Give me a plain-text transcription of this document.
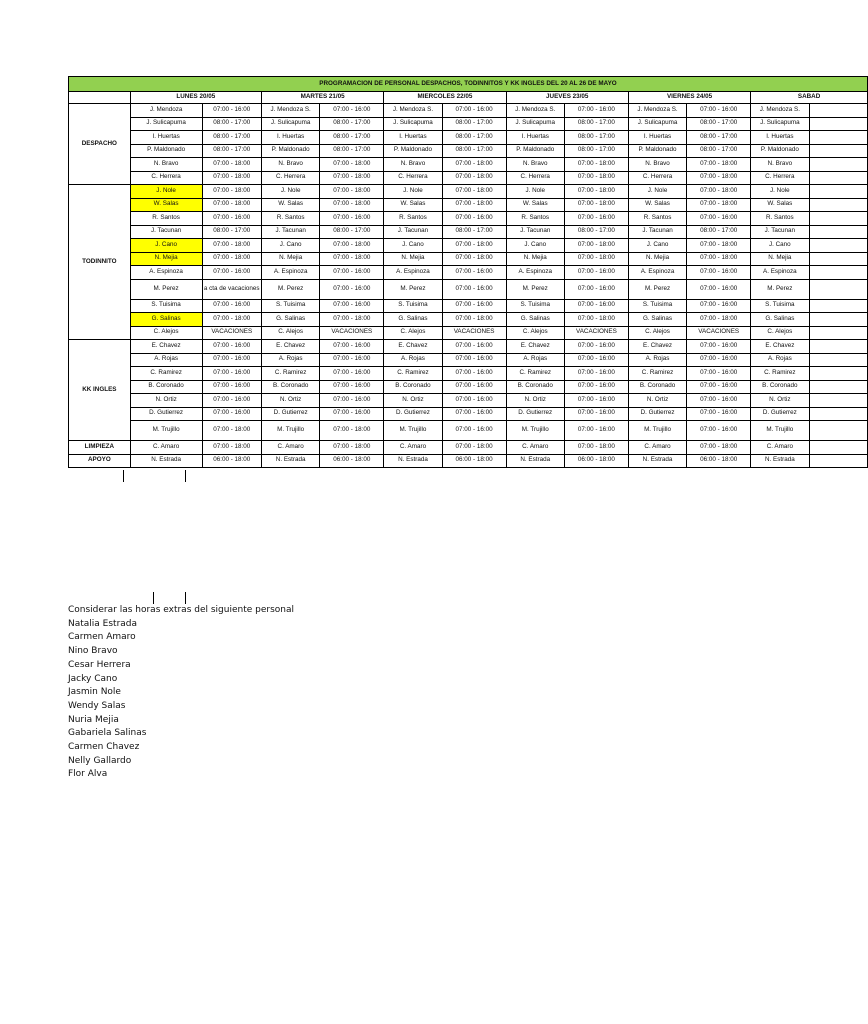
PROGRAMACION DE PERSONAL DESPACHOS, TODINNITOS Y KK INGLES DEL 20 AL 26 DE MAYO												
	LUNES 20/05		MARTES 21/05		MIERCOLES 22/05		JUEVES 23/05		VIERNES 24/05		SABAD	
DESPACHO	J. Mendoza	07:00 - 16:00	J. Mendoza S.	07:00 - 16:00	J. Mendoza S.	07:00 - 16:00	J. Mendoza S.	07:00 - 16:00	J. Mendoza S.	07:00 - 16:00	J. Mendoza S.	
	J. Sulicapuma	08:00 - 17:00	J. Sulicapuma	08:00 - 17:00	J. Sulicapuma	08:00 - 17:00	J. Sulicapuma	08:00 - 17:00	J. Sulicapuma	08:00 - 17:00	J. Sulicapuma	
	I. Huertas	08:00 - 17:00	I. Huertas	08:00 - 17:00	I. Huertas	08:00 - 17:00	I. Huertas	08:00 - 17:00	I. Huertas	08:00 - 17:00	I. Huertas	
	P. Maldonado	08:00 - 17:00	P. Maldonado	08:00 - 17:00	P. Maldonado	08:00 - 17:00	P. Maldonado	08:00 - 17:00	P. Maldonado	08:00 - 17:00	P. Maldonado	
	N. Bravo	07:00 - 18:00	N. Bravo	07:00 - 18:00	N. Bravo	07:00 - 18:00	N. Bravo	07:00 - 18:00	N. Bravo	07:00 - 18:00	N. Bravo	
	C. Herrera	07:00 - 18:00	C. Herrera	07:00 - 18:00	C. Herrera	07:00 - 18:00	C. Herrera	07:00 - 18:00	C. Herrera	07:00 - 18:00	C. Herrera	
TODINNITO	J. Nole	07:00 - 18:00	J. Nole	07:00 - 18:00	J. Nole	07:00 - 18:00	J. Nole	07:00 - 18:00	J. Nole	07:00 - 18:00	J. Nole	
	W. Salas	07:00 - 18:00	W. Salas	07:00 - 18:00	W. Salas	07:00 - 18:00	W. Salas	07:00 - 18:00	W. Salas	07:00 - 18:00	W. Salas	
	R. Santos	07:00 - 16:00	R. Santos	07:00 - 16:00	R. Santos	07:00 - 16:00	R. Santos	07:00 - 16:00	R. Santos	07:00 - 16:00	R. Santos	
	J. Tacunan	08:00 - 17:00	J. Tacunan	08:00 - 17:00	J. Tacunan	08:00 - 17:00	J. Tacunan	08:00 - 17:00	J. Tacunan	08:00 - 17:00	J. Tacunan	
	J. Cano	07:00 - 18:00	J. Cano	07:00 - 18:00	J. Cano	07:00 - 18:00	J. Cano	07:00 - 18:00	J. Cano	07:00 - 18:00	J. Cano	
	N. Mejia	07:00 - 18:00	N. Mejia	07:00 - 18:00	N. Mejia	07:00 - 18:00	N. Mejia	07:00 - 18:00	N. Mejia	07:00 - 18:00	N. Mejia	
	A. Espinoza	07:00 - 16:00	A. Espinoza	07:00 - 16:00	A. Espinoza	07:00 - 16:00	A. Espinoza	07:00 - 16:00	A. Espinoza	07:00 - 16:00	A. Espinoza	
	M. Perez	a cta de vacaciones	M. Perez	07:00 - 16:00	M. Perez	07:00 - 16:00	M. Perez	07:00 - 16:00	M. Perez	07:00 - 16:00	M. Perez	
	S. Tuisima	07:00 - 16:00	S. Tuisima	07:00 - 16:00	S. Tuisima	07:00 - 16:00	S. Tuisima	07:00 - 16:00	S. Tuisima	07:00 - 16:00	S. Tuisima	
	G. Salinas	07:00 - 18:00	G. Salinas	07:00 - 18:00	G. Salinas	07:00 - 18:00	G. Salinas	07:00 - 18:00	G. Salinas	07:00 - 18:00	G. Salinas	
	C. Alejos	VACACIONES	C. Alejos	VACACIONES	C. Alejos	VACACIONES	C. Alejos	VACACIONES	C. Alejos	VACACIONES	C. Alejos	
KK INGLES	E. Chavez	07:00 - 16:00	E. Chavez	07:00 - 16:00	E. Chavez	07:00 - 16:00	E. Chavez	07:00 - 16:00	E. Chavez	07:00 - 16:00	E. Chavez	
	A. Rojas	07:00 - 16:00	A. Rojas	07:00 - 16:00	A. Rojas	07:00 - 16:00	A. Rojas	07:00 - 16:00	A. Rojas	07:00 - 16:00	A. Rojas	
	C. Ramirez	07:00 - 16:00	C. Ramirez	07:00 - 16:00	C. Ramirez	07:00 - 16:00	C. Ramirez	07:00 - 16:00	C. Ramirez	07:00 - 16:00	C. Ramirez	
	B. Coronado	07:00 - 16:00	B. Coronado	07:00 - 16:00	B. Coronado	07:00 - 16:00	B. Coronado	07:00 - 16:00	B. Coronado	07:00 - 16:00	B. Coronado	
	N. Ortiz	07:00 - 16:00	N. Ortiz	07:00 - 16:00	N. Ortiz	07:00 - 16:00	N. Ortiz	07:00 - 16:00	N. Ortiz	07:00 - 16:00	N. Ortiz	
	D. Gutierrez	07:00 - 16:00	D. Gutierrez	07:00 - 16:00	D. Gutierrez	07:00 - 16:00	D. Gutierrez	07:00 - 16:00	D. Gutierrez	07:00 - 16:00	D. Gutierrez	
	M. Trujillo	07:00 - 18:00	M. Trujillo	07:00 - 18:00	M. Trujillo	07:00 - 16:00	M. Trujillo	07:00 - 16:00	M. Trujillo	07:00 - 16:00	M. Trujillo	
LIMPIEZA	C. Amaro	07:00 - 18:00	C. Amaro	07:00 - 18:00	C. Amaro	07:00 - 18:00	C. Amaro	07:00 - 18:00	C. Amaro	07:00 - 18:00	C. Amaro	
APOYO	N. Estrada	06:00 - 18:00	N. Estrada	06:00 - 18:00	N. Estrada	06:00 - 18:00	N. Estrada	06:00 - 18:00	N. Estrada	06:00 - 18:00	N. Estrada	
Considerar las horas extras del siguiente personal
Natalia Estrada
Carmen Amaro
Nino Bravo
Cesar Herrera
Jacky Cano
Jasmin Nole
Wendy Salas
Nuria Mejia
Gabariela Salinas
Carmen Chavez
Nelly Gallardo
Flor Alva
